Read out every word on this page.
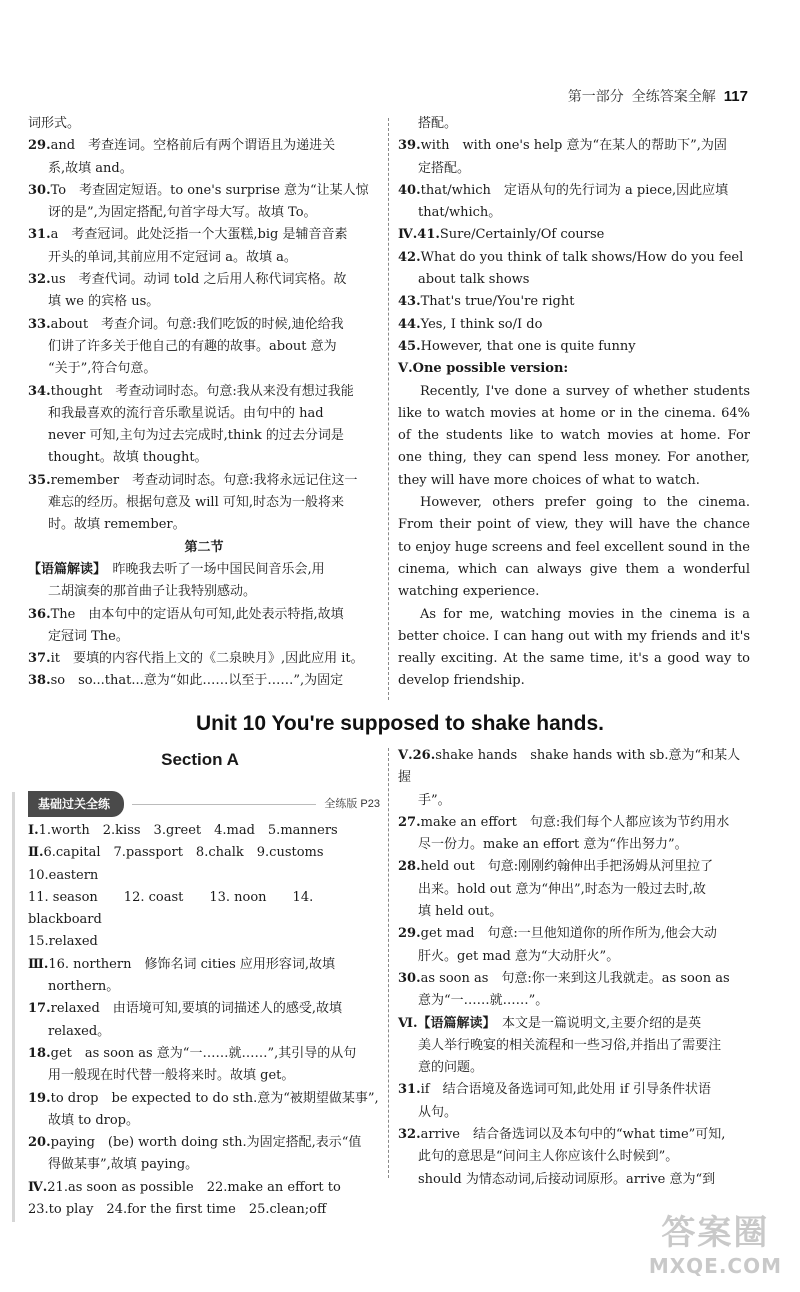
第一部分 全练答案全解 117

词形式。

29.and　考查连词。空格前后有两个谓语且为递进关

系,故填 and。

30.To　考查固定短语。to one's surprise 意为“让某人惊

讶的是”,为固定搭配,句首字母大写。故填 To。

31.a　考查冠词。此处泛指一个大蛋糕,big 是辅音音素

开头的单词,其前应用不定冠词 a。故填 a。

32.us　考查代词。动词 told 之后用人称代词宾格。故

填 we 的宾格 us。

33.about　考查介词。句意:我们吃饭的时候,迪伦给我

们讲了许多关于他自己的有趣的故事。about 意为

“关于”,符合句意。

34.thought　考查动词时态。句意:我从来没有想过我能

和我最喜欢的流行音乐歌星说话。由句中的 had

never 可知,主句为过去完成时,think 的过去分词是

thought。故填 thought。

35.remember　考查动词时态。句意:我将永远记住这一

难忘的经历。根据句意及 will 可知,时态为一般将来

时。故填 remember。

第二节

【语篇解读】　昨晚我去听了一场中国民间音乐会,用

二胡演奏的那首曲子让我特别感动。

36.The　由本句中的定语从句可知,此处表示特指,故填

定冠词 The。

37.it　要填的内容代指上文的《二泉映月》,因此应用 it。

38.so　so...that...意为“如此……以至于……”,为固定

搭配。

39.with　with one's help 意为“在某人的帮助下”,为固

定搭配。

40.that/which　定语从句的先行词为 a piece,因此应填

that/which。

Ⅳ.41.Sure/Certainly/Of course

42.What do you think of talk shows/How do you feel

about talk shows

43.That's true/You're right

44.Yes, I think so/I do

45.However, that one is quite funny

Ⅴ.One possible version:

Recently, I've done a survey of whether students like to watch movies at home or in the cinema. 64% of the students like to watch movies at home. For one thing, they can spend less money. For another, they will have more choices of what to watch.

However, others prefer going to the cinema. From their point of view, they will have the chance to enjoy huge screens and feel excellent sound in the cinema, which can always give them a wonderful watching experience.

As for me, watching movies in the cinema is a better choice. I can hang out with my friends and it's really exciting. At the same time, it's a good way to develop friendship.

Unit 10 You're supposed to shake hands.
Section A
基础过关全练	全练版 P23

Ⅰ.1.worth　2.kiss　3.greet　4.mad　5.manners

Ⅱ.6.capital　7.passport　8.chalk　9.customs　10.eastern

11. season　　12. coast　　13. noon　　14. blackboard

15.relaxed

Ⅲ.16. northern　修饰名词 cities 应用形容词,故填

northern。

17.relaxed　由语境可知,要填的词描述人的感受,故填

relaxed。

18.get　as soon as 意为“一……就……”,其引导的从句

用一般现在时代替一般将来时。故填 get。

19.to drop　be expected to do sth.意为“被期望做某事”,

故填 to drop。

20.paying　(be) worth doing sth.为固定搭配,表示“值

得做某事”,故填 paying。

Ⅳ.21.as soon as possible　22.make an effort to

23.to play　24.for the first time　25.clean;off

Ⅴ.26.shake hands　shake hands with sb.意为“和某人握

手”。

27.make an effort　句意:我们每个人都应该为节约用水

尽一份力。make an effort 意为“作出努力”。

28.held out　句意:刚刚约翰伸出手把汤姆从河里拉了

出来。hold out 意为“伸出”,时态为一般过去时,故

填 held out。

29.get mad　句意:一旦他知道你的所作所为,他会大动

肝火。get mad 意为“大动肝火”。

30.as soon as　句意:你一来到这儿我就走。as soon as

意为“一……就……”。

Ⅵ.【语篇解读】　本文是一篇说明文,主要介绍的是英

美人举行晚宴的相关流程和一些习俗,并指出了需要注

意的问题。

31.if　结合语境及备选词可知,此处用 if 引导条件状语

从句。

32.arrive　结合备选词以及本句中的“what time”可知,

此句的意思是“问问主人你应该什么时候到”。

should 为情态动词,后接动词原形。arrive 意为“到

答案圈
MXQE.COM
